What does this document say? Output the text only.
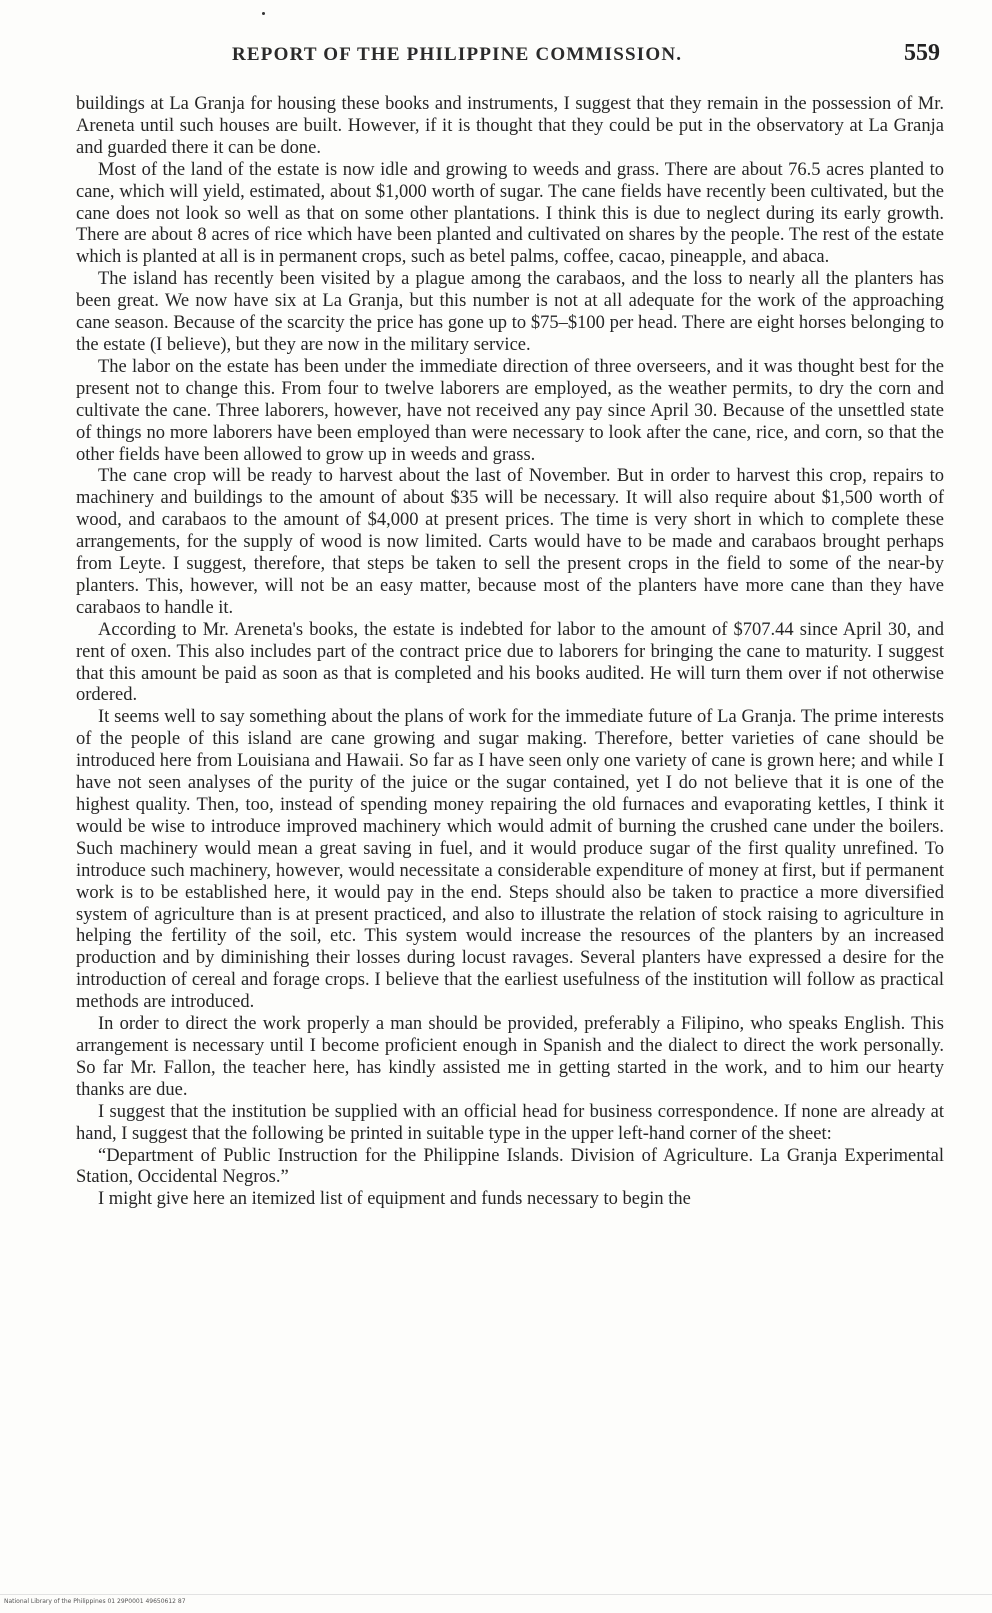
REPORT OF THE PHILIPPINE COMMISSION.	559

buildings at La Granja for housing these books and instruments, I suggest that they remain in the possession of Mr. Areneta until such houses are built. However, if it is thought that they could be put in the observatory at La Granja and guarded there it can be done.

Most of the land of the estate is now idle and growing to weeds and grass. There are about 76.5 acres planted to cane, which will yield, estimated, about $1,000 worth of sugar. The cane fields have recently been cultivated, but the cane does not look so well as that on some other plantations. I think this is due to neglect during its early growth. There are about 8 acres of rice which have been planted and cultivated on shares by the people. The rest of the estate which is planted at all is in permanent crops, such as betel palms, coffee, cacao, pineapple, and abaca.

The island has recently been visited by a plague among the carabaos, and the loss to nearly all the planters has been great. We now have six at La Granja, but this number is not at all adequate for the work of the approaching cane season. Because of the scarcity the price has gone up to $75–$100 per head. There are eight horses belonging to the estate (I believe), but they are now in the military service.

The labor on the estate has been under the immediate direction of three overseers, and it was thought best for the present not to change this. From four to twelve laborers are employed, as the weather permits, to dry the corn and cultivate the cane. Three laborers, however, have not received any pay since April 30. Because of the unsettled state of things no more laborers have been employed than were necessary to look after the cane, rice, and corn, so that the other fields have been allowed to grow up in weeds and grass.

The cane crop will be ready to harvest about the last of November. But in order to harvest this crop, repairs to machinery and buildings to the amount of about $35 will be necessary. It will also require about $1,500 worth of wood, and carabaos to the amount of $4,000 at present prices. The time is very short in which to complete these arrangements, for the supply of wood is now limited. Carts would have to be made and carabaos brought perhaps from Leyte. I suggest, therefore, that steps be taken to sell the present crops in the field to some of the near-by planters. This, however, will not be an easy matter, because most of the planters have more cane than they have carabaos to handle it.

According to Mr. Areneta's books, the estate is indebted for labor to the amount of $707.44 since April 30, and rent of oxen. This also includes part of the contract price due to laborers for bringing the cane to maturity. I suggest that this amount be paid as soon as that is completed and his books audited. He will turn them over if not otherwise ordered.

It seems well to say something about the plans of work for the immediate future of La Granja. The prime interests of the people of this island are cane growing and sugar making. Therefore, better varieties of cane should be introduced here from Louisiana and Hawaii. So far as I have seen only one variety of cane is grown here; and while I have not seen analyses of the purity of the juice or the sugar contained, yet I do not believe that it is one of the highest quality. Then, too, instead of spending money repairing the old furnaces and evaporating kettles, I think it would be wise to introduce improved machinery which would admit of burning the crushed cane under the boilers. Such machinery would mean a great saving in fuel, and it would produce sugar of the first quality unrefined. To introduce such machinery, however, would necessitate a considerable expenditure of money at first, but if permanent work is to be established here, it would pay in the end. Steps should also be taken to practice a more diversified system of agriculture than is at present practiced, and also to illustrate the relation of stock raising to agriculture in helping the fertility of the soil, etc. This system would increase the resources of the planters by an increased production and by diminishing their losses during locust ravages. Several planters have expressed a desire for the introduction of cereal and forage crops. I believe that the earliest usefulness of the institution will follow as practical methods are introduced.

In order to direct the work properly a man should be provided, preferably a Filipino, who speaks English. This arrangement is necessary until I become proficient enough in Spanish and the dialect to direct the work personally. So far Mr. Fallon, the teacher here, has kindly assisted me in getting started in the work, and to him our hearty thanks are due.

I suggest that the institution be supplied with an official head for business correspondence. If none are already at hand, I suggest that the following be printed in suitable type in the upper left-hand corner of the sheet:

“Department of Public Instruction for the Philippine Islands. Division of Agriculture. La Granja Experimental Station, Occidental Negros.”

I might give here an itemized list of equipment and funds necessary to begin the

National Library of the Philippines 01 29P0001 49650612 87
